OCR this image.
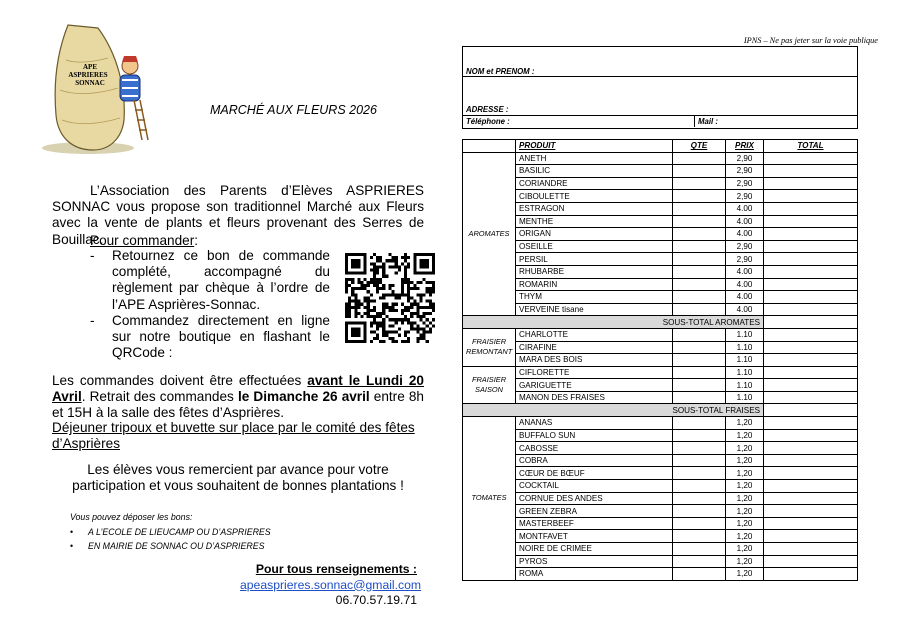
APE
ASPRIERES
SONNAC
MARCHÉ AUX FLEURS 2026
L’Association des Parents d’Elèves ASPRIERES SONNAC vous propose son traditionnel Marché aux Fleurs avec la vente de plants et fleurs provenant des Serres de Bouillac.
Pour commander:
-	Retournez ce bon de commande complété, accompagné du règlement par chèque à l’ordre de l’APE Asprières-Sonnac.
-	Commandez directement en ligne sur notre boutique en flashant le QRCode :
Les commandes doivent être effectuées avant le Lundi 20 Avril. Retrait des commandes le Dimanche 26 avril entre 8h et 15H à la salle des fêtes d’Asprières.
Déjeuner tripoux et buvette sur place par le comité des fêtes d’Asprières
Les élèves vous remercient par avance pour votre participation et vous souhaitent de bonnes plantations !
Vous pouvez déposer les bons:
• A L’ECOLE DE LIEUCAMP OU D’ASPRIERES
• EN MAIRIE DE SONNAC OU D’ASPRIERES
Pour tous renseignements :
apeasprieres.sonnac@gmail.com
06.70.57.19.71
IPNS – Ne pas jeter sur la voie publique
NOM et PRENOM :
ADRESSE :
Téléphone :	Mail :
	PRODUIT	QTE	PRIX	TOTAL
AROMATES	ANETH		2,90	
	BASILIC		2,90	
	CORIANDRE		2,90	
	CIBOULETTE		2,90	
	ESTRAGON		4.00	
	MENTHE		4.00	
	ORIGAN		4.00	
	OSEILLE		2,90	
	PERSIL		2,90	
	RHUBARBE		4.00	
	ROMARIN		4.00	
	THYM		4.00	
	VERVEINE tisane		4.00	
SOUS-TOTAL AROMATES				
FRAISIER REMONTANT	CHARLOTTE		1.10	
	CIRAFINE		1.10	
	MARA DES BOIS		1.10	
FRAISIER SAISON	CIFLORETTE		1.10	
	GARIGUETTE		1.10	
	MANON DES FRAISES		1.10	
SOUS-TOTAL FRAISES				
TOMATES	ANANAS		1,20	
	BUFFALO SUN		1,20	
	CABOSSE		1,20	
	COBRA		1,20	
	CŒUR DE BŒUF		1,20	
	COCKTAIL		1,20	
	CORNUE DES ANDES		1,20	
	GREEN ZEBRA		1,20	
	MASTERBEEF		1,20	
	MONTFAVET		1,20	
	NOIRE DE CRIMEE		1,20	
	PYROS		1,20	
	ROMA		1,20	
